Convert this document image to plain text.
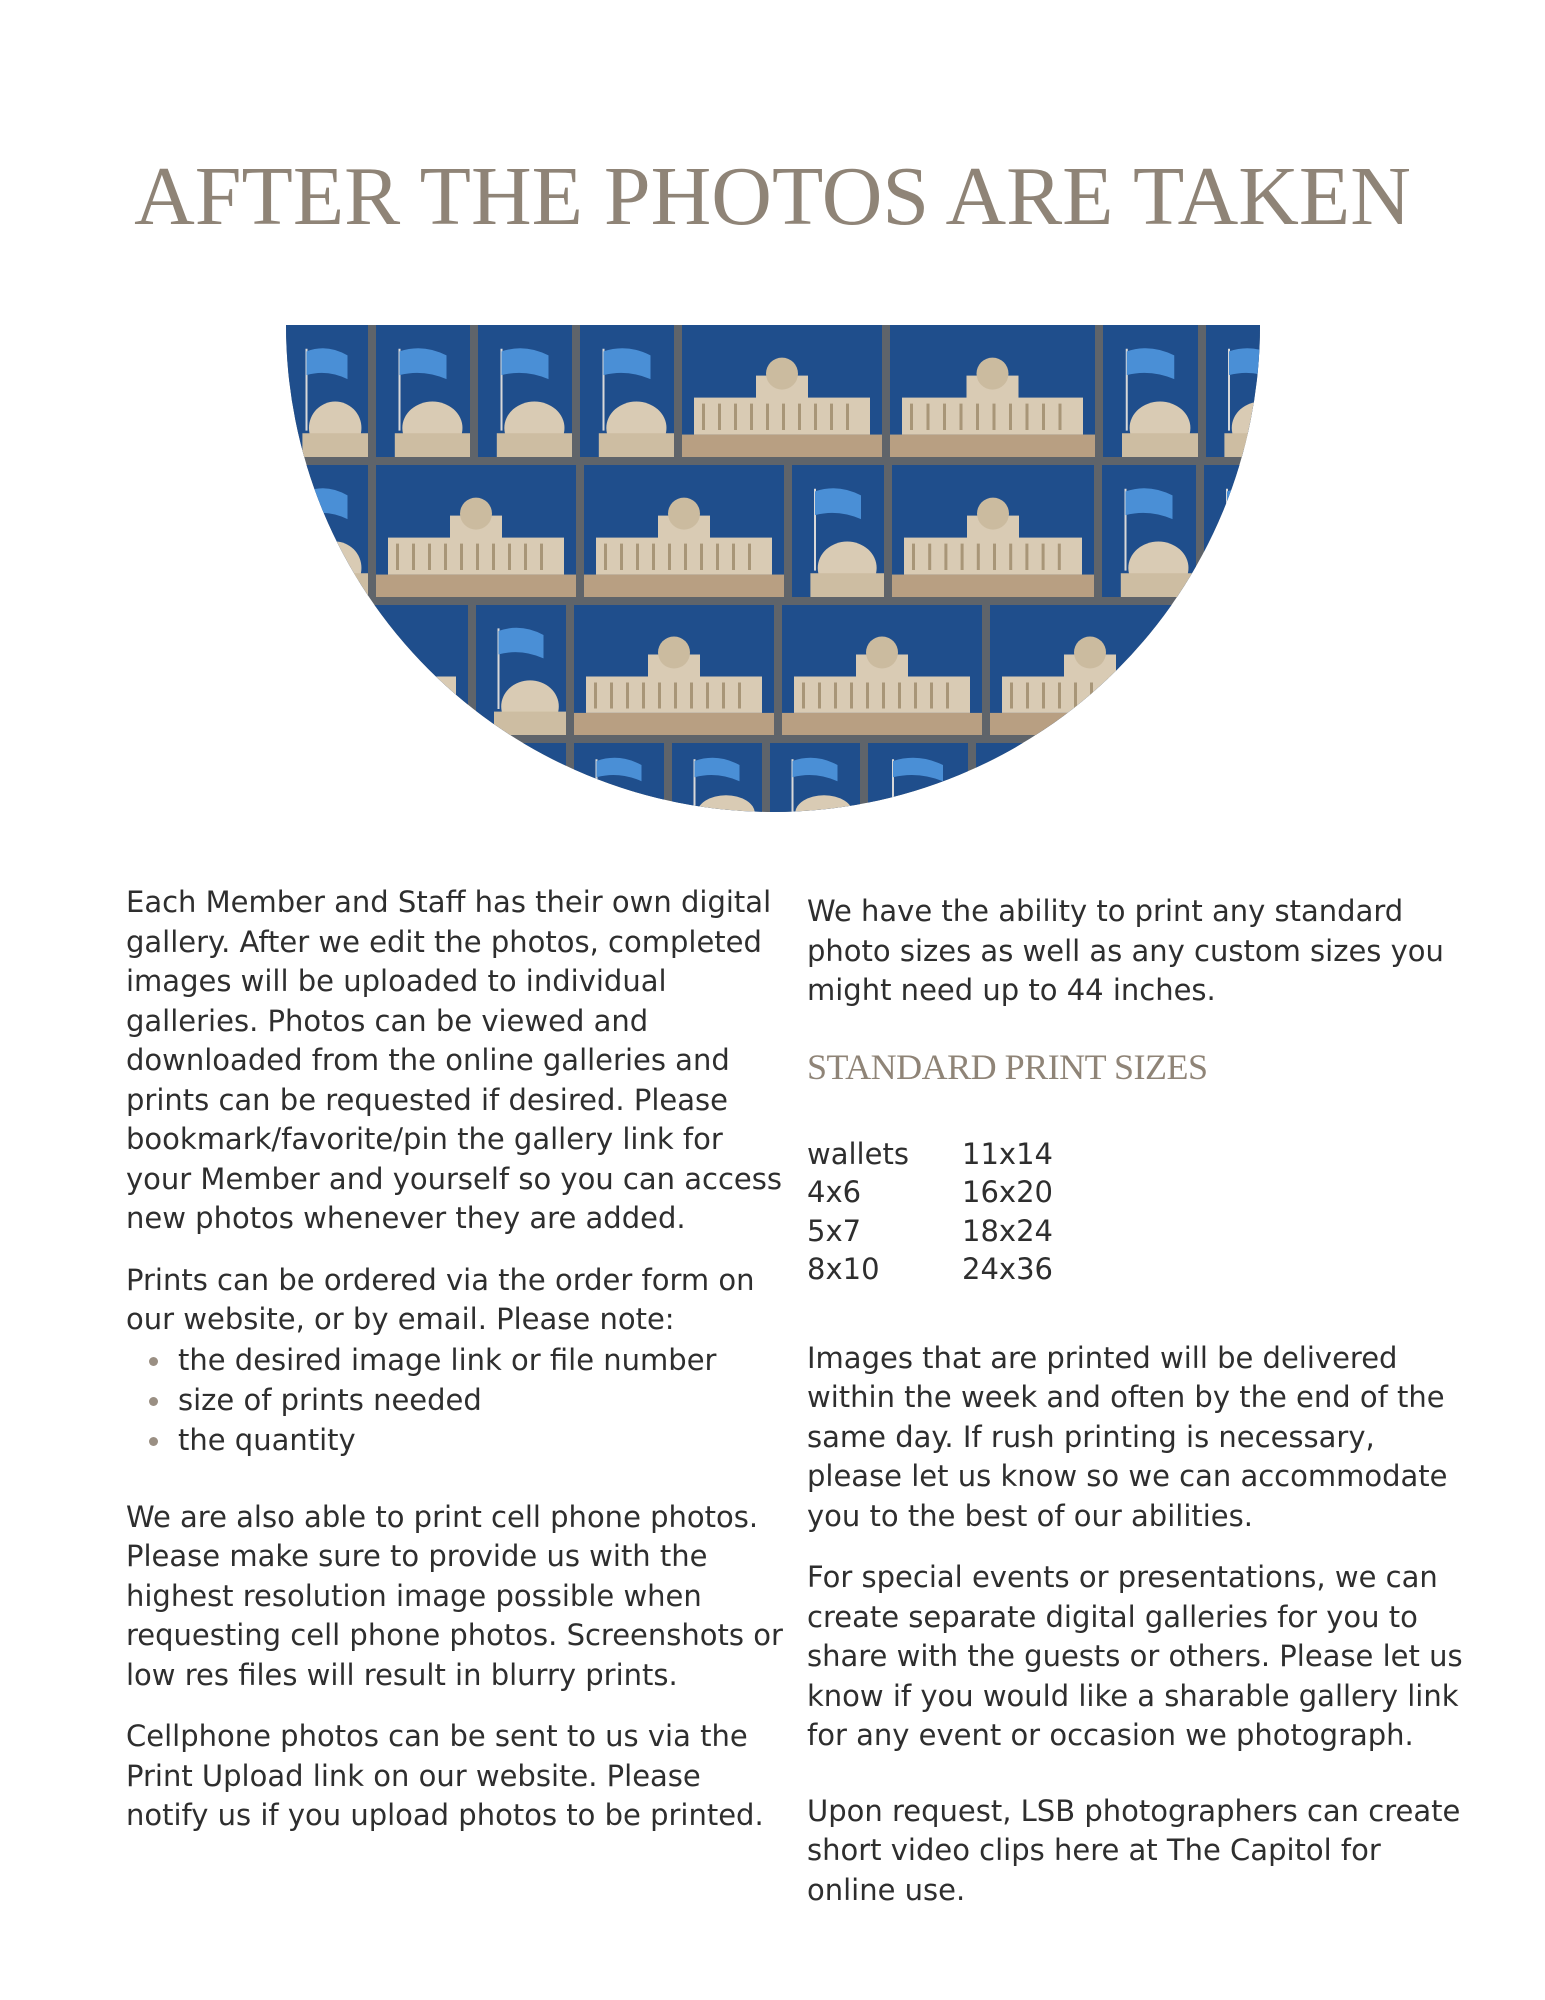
AFTER THE PHOTOS ARE TAKEN

Each Member and Staff has their own digital gallery. After we edit the photos, completed images will be uploaded to individual galleries. Photos can be viewed and downloaded from the online galleries and prints can be requested if desired. Please bookmark/favorite/pin the gallery link for your Member and yourself so you can access new photos whenever they are added.

Prints can be ordered via the order form on our website, or by email. Please note:

the desired image link or file number
size of prints needed
the quantity

We are also able to print cell phone photos. Please make sure to provide us with the highest resolution image possible when requesting cell phone photos. Screenshots or low res files will result in blurry prints.

Cellphone photos can be sent to us via the Print Upload link on our website. Please notify us if you upload photos to be printed.

We have the ability to print any standard photo sizes as well as any custom sizes you might need up to 44 inches.

STANDARD PRINT SIZES
wallets	11x14
4x6	16x20
5x7	18x24
8x10	24x36

Images that are printed will be delivered within the week and often by the end of the same day. If rush printing is necessary, please let us know so we can accommodate you to the best of our abilities.

For special events or presentations, we can create separate digital galleries for you to share with the guests or others. Please let us know if you would like a sharable gallery link for any event or occasion we photograph.

Upon request, LSB photographers can create short video clips here at The Capitol for online use.
